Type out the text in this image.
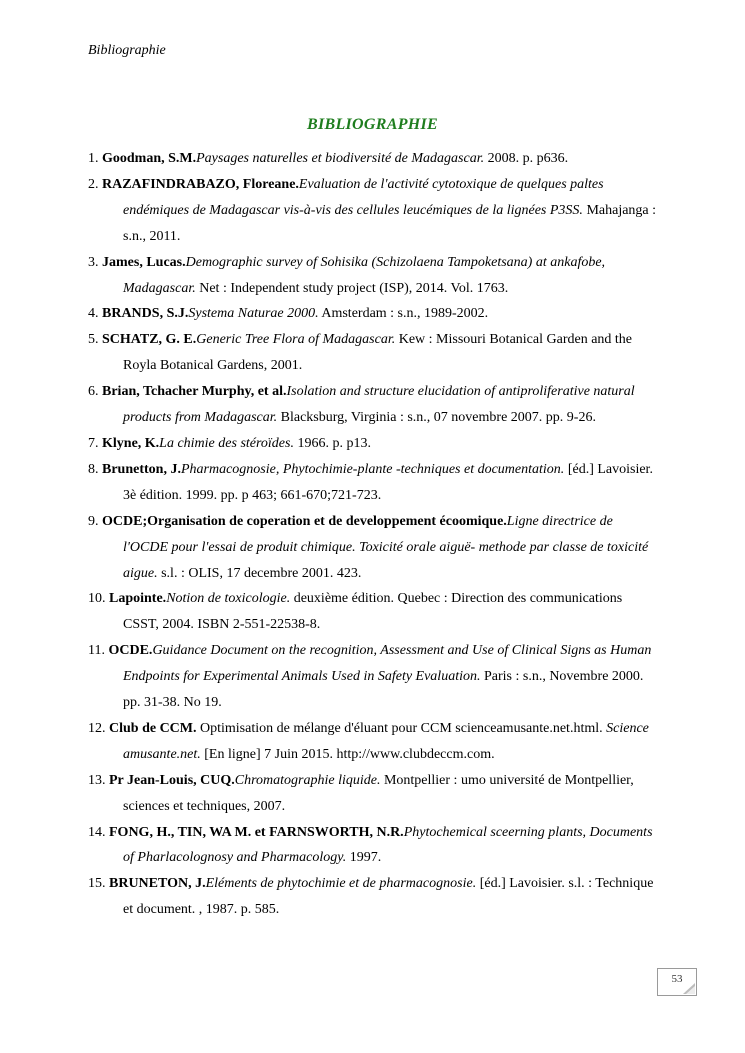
Bibliographie
BIBLIOGRAPHIE

1. Goodman, S.M.Paysages naturelles et biodiversité de Madagascar. 2008. p. p636.

2. RAZAFINDRABAZO, Floreane.Evaluation de l'activité cytotoxique de quelques paltes endémiques de Madagascar vis-à-vis des cellules leucémiques de la lignées P3SS. Mahajanga : s.n., 2011.

3. James, Lucas.Demographic survey of Sohisika (Schizolaena Tampoketsana) at ankafobe, Madagascar. Net : Independent study project (ISP), 2014. Vol. 1763.

4. BRANDS, S.J.Systema Naturae 2000. Amsterdam : s.n., 1989-2002.

5. SCHATZ, G. E.Generic Tree Flora of Madagascar. Kew : Missouri Botanical Garden and the Royla Botanical Gardens, 2001.

6. Brian, Tchacher Murphy, et al.Isolation and structure elucidation of antiproliferative natural products from Madagascar. Blacksburg, Virginia : s.n., 07 novembre 2007. pp. 9-26.

7. Klyne, K.La chimie des stéroïdes. 1966. p. p13.

8. Brunetton, J.Pharmacognosie, Phytochimie-plante -techniques et documentation. [éd.] Lavoisier. 3è édition. 1999. pp. p 463; 661-670;721-723.

9. OCDE;Organisation de coperation et de developpement écoomique.Ligne directrice de l'OCDE pour l'essai de produit chimique. Toxicité orale aiguë- methode par classe de toxicité aigue. s.l. : OLIS, 17 decembre 2001. 423.

10. Lapointe.Notion de toxicologie. deuxième édition. Quebec : Direction des communications CSST, 2004. ISBN 2-551-22538-8.

11. OCDE.Guidance Document on the recognition, Assessment and Use of Clinical Signs as Human Endpoints for Experimental Animals Used in Safety Evaluation. Paris : s.n., Novembre 2000. pp. 31-38. No 19.

12. Club de CCM. Optimisation de mélange d'éluant pour CCM scienceamusante.net.html. Science amusante.net. [En ligne] 7 Juin 2015. http://www.clubdeccm.com.

13. Pr Jean-Louis, CUQ.Chromatographie liquide. Montpellier : umo université de Montpellier, sciences et techniques, 2007.

14. FONG, H., TIN, WA M. et FARNSWORTH, N.R.Phytochemical sceerning plants, Documents of Pharlacolognosy and Pharmacology. 1997.

15. BRUNETON, J.Eléments de phytochimie et de pharmacognosie. [éd.] Lavoisier. s.l. : Technique et document. , 1987. p. 585.

53
